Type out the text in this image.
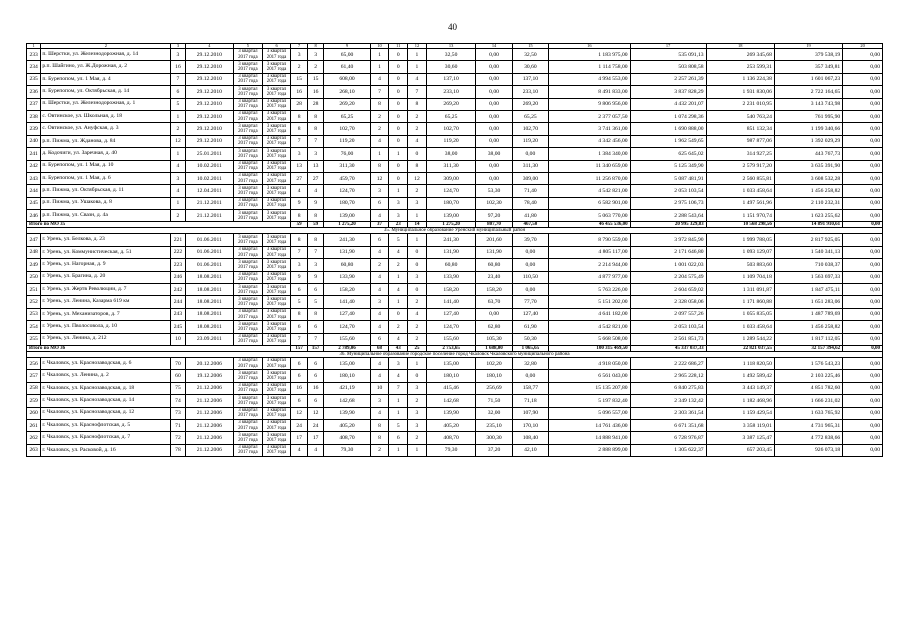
40
1	2	3	4	5	6	7	8	9	10	11	12	13	14	15	16	17	18	19	20
233	п. Шерстки, ул. Железнодорожная, д. 14	3	29.12.2010	3 квартал 2017 года	3 квартал 2017 года	3	3	65,00	1	0	1	32,50	0,00	32,50	1 183 975,00	535 091,13	269 345,68	379 538,19	0,00
234	р.п. Шайгино, ул. Ж.Дорожная, д. 2	16	29.12.2010	3 квартал 2017 года	3 квартал 2017 года	2	2	61,40	1	0	1	30,60	0,00	30,60	1 114 758,00	503 808,58	253 599,31	357 349,81	0,00
235	п. Бурепопом, ул. 1 Мая, д. 4	7	29.12.2010	3 квартал 2017 года	3 квартал 2017 года	15	15	608,00	4	0	4	137,10	0,00	137,10	4 994 553,00	2 257 261,39	1 136 224,38	1 601 067,23	0,00
236	п. Бурепопом, ул. Октябрьская, д. 14	6	29.12.2010	3 квартал 2017 года	3 квартал 2017 года	16	16	268,10	7	0	7	233,10	0,00	233,10	8 491 833,00	3 837 828,29	1 931 830,06	2 722 164,65	0,00
237	п. Шерстки, ул. Железнодорожная, д. 1	5	29.12.2010	3 квартал 2017 года	3 квартал 2017 года	28	28	269,20	8	0	8	269,20	0,00	269,20	9 806 956,00	4 432 201,07	2 231 010,95	3 143 743,98	0,00
238	с. Овтинское, ул. Школьная, д. 18	1	29.12.2010	3 квартал 2017 года	3 квартал 2017 года	8	8	65,25	2	0	2	65,25	0,00	65,25	2 377 057,50	1 074 298,36	540 763,24	761 995,90	0,00
239	с. Овтинское, ул. Ануфская, д. 3	2	29.12.2010	3 квартал 2017 года	3 квартал 2017 года	8	8	102,70	2	0	2	102,70	0,00	102,70	3 741 361,00	1 690 888,00	851 132,34	1 199 340,66	0,00
240	р.п. Пижма, ул. Жданова, д. 84	12	29.12.2010	3 квартал 2017 года	3 квартал 2017 года	7	7	119,20	4	0	4	119,20	0,00	119,20	4 342 456,00	1 962 549,65	987 877,06	1 392 029,29	0,00
241	д. Кодочиги, ул. Заречная, д. 40	1	25.01.2011	3 квартал 2017 года	3 квартал 2017 года	3	3	76,00	1	1	0	38,00	38,00	0,00	1 384 340,00	625 645,02	314 927,25	443 767,73	0,00
242	п. Бурепопом, ул. 1 Мая, д. 10	4	10.02.2011	3 квартал 2017 года	3 квартал 2017 года	13	13	311,30	8	0	8	311,30	0,00	311,30	11 340 659,00	5 125 349,90	2 579 917,20	3 635 391,90	0,00
243	п. Бурепопом, ул. 1 Мая, д. 6	3	10.02.2011	3 квартал 2017 года	3 квартал 2017 года	27	27	459,70	12	0	12	309,00	0,00	309,00	11 256 870,00	5 087 481,91	2 560 855,81	3 608 532,28	0,00
244	р.п. Пижма, ул. Октябрьская, д. 11	4	12.04.2011	3 квартал 2017 года	3 квартал 2017 года	4	4	124,70	3	1	2	124,70	53,30	71,40	4 542 821,00	2 053 103,54	1 033 458,64	1 456 258,82	0,00
245	р.п. Пижма, ул. Ушакова, д. 8	1	21.12.2011	3 квартал 2017 года	3 квартал 2017 года	9	9	180,70	6	3	3	180,70	102,30	78,40	6 582 901,00	2 975 106,73	1 497 561,96	2 110 232,31	0,00
246	р.п. Пижма, ул. Свазн, д. 4а	2	21.12.2011	3 квартал 2017 года	3 квартал 2017 года	8	8	139,00	4	3	1	139,00	97,20	41,80	5 063 770,00	2 288 543,64	1 151 970,74	1 623 255,62	0,00
Итого по МО 35						59	59	1 275,20	37	23	14	1 275,20	807,70	467,50	46 455 536,00	20 995 329,83	10 568 298,56	14 891 910,61	0,00
35. Муниципальное образование Уренский муниципальный район																			
247	г. Урень, ул. Белкова, д. 23	221	01.06.2011	3 квартал 2017 года	3 квартал 2017 года	8	8	241,30	6	5	1	241,30	201,60	39,70	8 790 559,00	3 972 845,90	1 999 788,05	2 817 925,05	0,00
248	г. Урень, ул. Коммунистическая, д. 51	222	01.06.2011	3 квартал 2017 года	3 квартал 2017 года	7	7	131,90	4	4	0	131,90	131,90	0,00	4 805 117,00	2 171 646,80	1 093 129,07	1 540 341,13	0,00
249	г. Урень, ул. Нагорная, д. 9	223	01.06.2011	3 квартал 2017 года	3 квартал 2017 года	3	3	60,80	2	2	0	60,80	60,80	0,00	2 214 944,00	1 001 022,03	503 883,60	710 038,37	0,00
250	г. Урень, ул. Брагина, д. 20	246	18.08.2011	3 квартал 2017 года	3 квартал 2017 года	9	9	133,90	4	1	3	133,90	23,40	110,50	4 877 977,00	2 204 575,49	1 109 704,18	1 563 697,33	0,00
251	г. Урень, ул. Жертв Революции, д. 7	242	18.08.2011	3 квартал 2017 года	3 квартал 2017 года	6	6	158,20	4	4	0	158,20	158,20	0,00	5 763 226,00	2 604 659,02	1 311 091,87	1 847 475,11	0,00
252	г. Урень, ул. Ленина, Казарма 619 км	244	18.08.2011	3 квартал 2017 года	3 квартал 2017 года	5	5	141,40	3	1	2	141,40	63,70	77,70	5 151 202,00	2 328 058,06	1 171 860,88	1 651 283,06	0,00
253	г. Урень, ул. Механизаторов, д. 7	243	18.08.2011	3 квартал 2017 года	3 квартал 2017 года	8	8	127,40	4	0	4	127,40	0,00	127,40	4 641 182,00	2 097 557,26	1 055 835,05	1 487 789,69	0,00
254	г. Урень, ул. Пволосовола, д. 10	245	18.08.2011	3 квартал 2017 года	3 квартал 2017 года	6	6	124,70	4	2	2	124,70	62,80	61,90	4 542 821,00	2 053 103,54	1 033 458,64	1 456 258,82	0,00
255	г. Урень, ул. Ленина, д. 212	10	23.09.2011	3 квартал 2017 года	3 квартал 2017 года	7	7	155,60	6	4	2	155,60	105,30	50,30	5 668 508,00	2 561 851,73	1 289 544,22	1 817 112,05	0,00
Итого по МО 36						157	157	2 789,06	68	43	25	2 753,65	1 688,00	1 065,65	100 315 469,50	45 337 037,33	22 821 037,55	32 157 394,62	0,00
36. Муниципальное образование городское поселение город Чкаловск Чкаловского муниципального района																			
256	г. Чкаловск, ул. Краснозаводская, д. 6	70	20.12.2006	3 квартал 2017 года	3 квартал 2017 года	6	6	135,00	4	3	1	135,00	102,20	32,80	4 918 050,00	2 222 686,27	1 118 820,50	1 576 543,23	0,00
257	г. Чкаловск, ул. Ленина, д. 2	60	19.12.2006	3 квартал 2017 года	3 квартал 2017 года	6	6	180,10	4	4	0	180,10	180,10	0,00	6 561 043,00	2 965 228,12	1 492 589,42	2 103 225,46	0,00
258	г. Чкаловск, ул. Краснозаводская, д. 18	75	21.12.2006	3 квартал 2017 года	3 квартал 2017 года	16	16	421,19	10	7	3	415,46	256,69	158,77	15 135 207,80	6 840 275,83	3 443 149,37	4 851 782,60	0,00
259	г. Чкаловск, ул. Краснозаводская, д. 14	74	21.12.2006	3 квартал 2017 года	3 квартал 2017 года	6	6	142,68	3	1	2	142,68	71,50	71,18	5 197 832,40	2 349 132,42	1 182 468,96	1 666 231,02	0,00
260	г. Чкаловск, ул. Краснозаводская, д. 12	73	21.12.2006	3 квартал 2017 года	3 квартал 2017 года	12	12	139,90	4	1	3	139,90	32,00	107,90	5 096 557,00	2 303 361,54	1 159 429,54	1 633 765,92	0,00
261	г. Чкаловск, ул. Краснофлотская, д. 5	71	21.12.2006	3 квартал 2017 года	3 квартал 2017 года	24	24	405,20	8	5	3	405,20	235,10	170,10	14 761 436,00	6 671 351,68	3 358 119,01	4 731 965,31	0,00
262	г. Чкаловск, ул. Краснофлотская, д. 7	72	21.12.2006	3 квартал 2017 года	3 квартал 2017 года	17	17	408,70	8	6	2	408,70	300,30	108,40	14 888 941,00	6 728 976,87	3 387 125,47	4 772 838,66	0,00
263	г. Чкаловск, ул. Расковой, д. 16	78	21.12.2006	3 квартал 2017 года	3 квартал 2017 года	4	4	79,30	2	1	1	79,30	37,20	42,10	2 888 899,00	1 305 622,37	657 203,45	926 073,18	0,00
